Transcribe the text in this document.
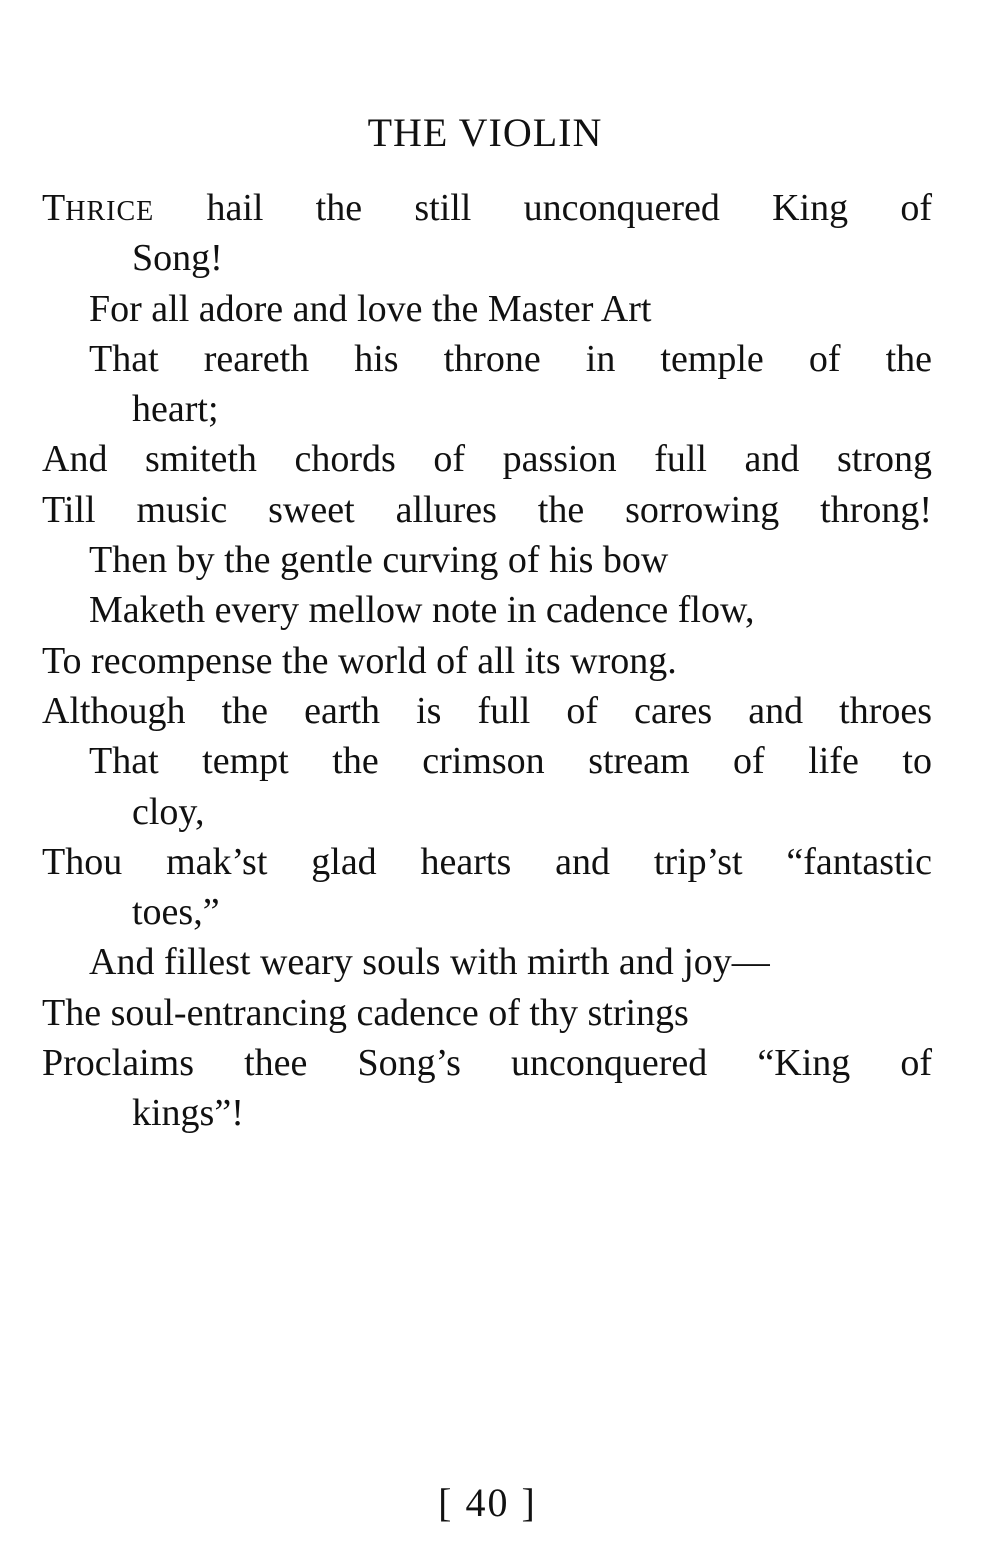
THE VIOLIN
THRICE hail the still unconquered King of
Song!
For all adore and love the Master Art
That reareth his throne in temple of the
heart;
And smiteth chords of passion full and strong
Till music sweet allures the sorrowing throng!
Then by the gentle curving of his bow
Maketh every mellow note in cadence flow,
To recompense the world of all its wrong.
Although the earth is full of cares and throes
That tempt the crimson stream of life to
cloy,
Thou mak’st glad hearts and trip’st “fantastic
toes,”
And fillest weary souls with mirth and joy—
The soul-entrancing cadence of thy strings
Proclaims thee Song’s unconquered “King of
kings”!
[ 40 ]
